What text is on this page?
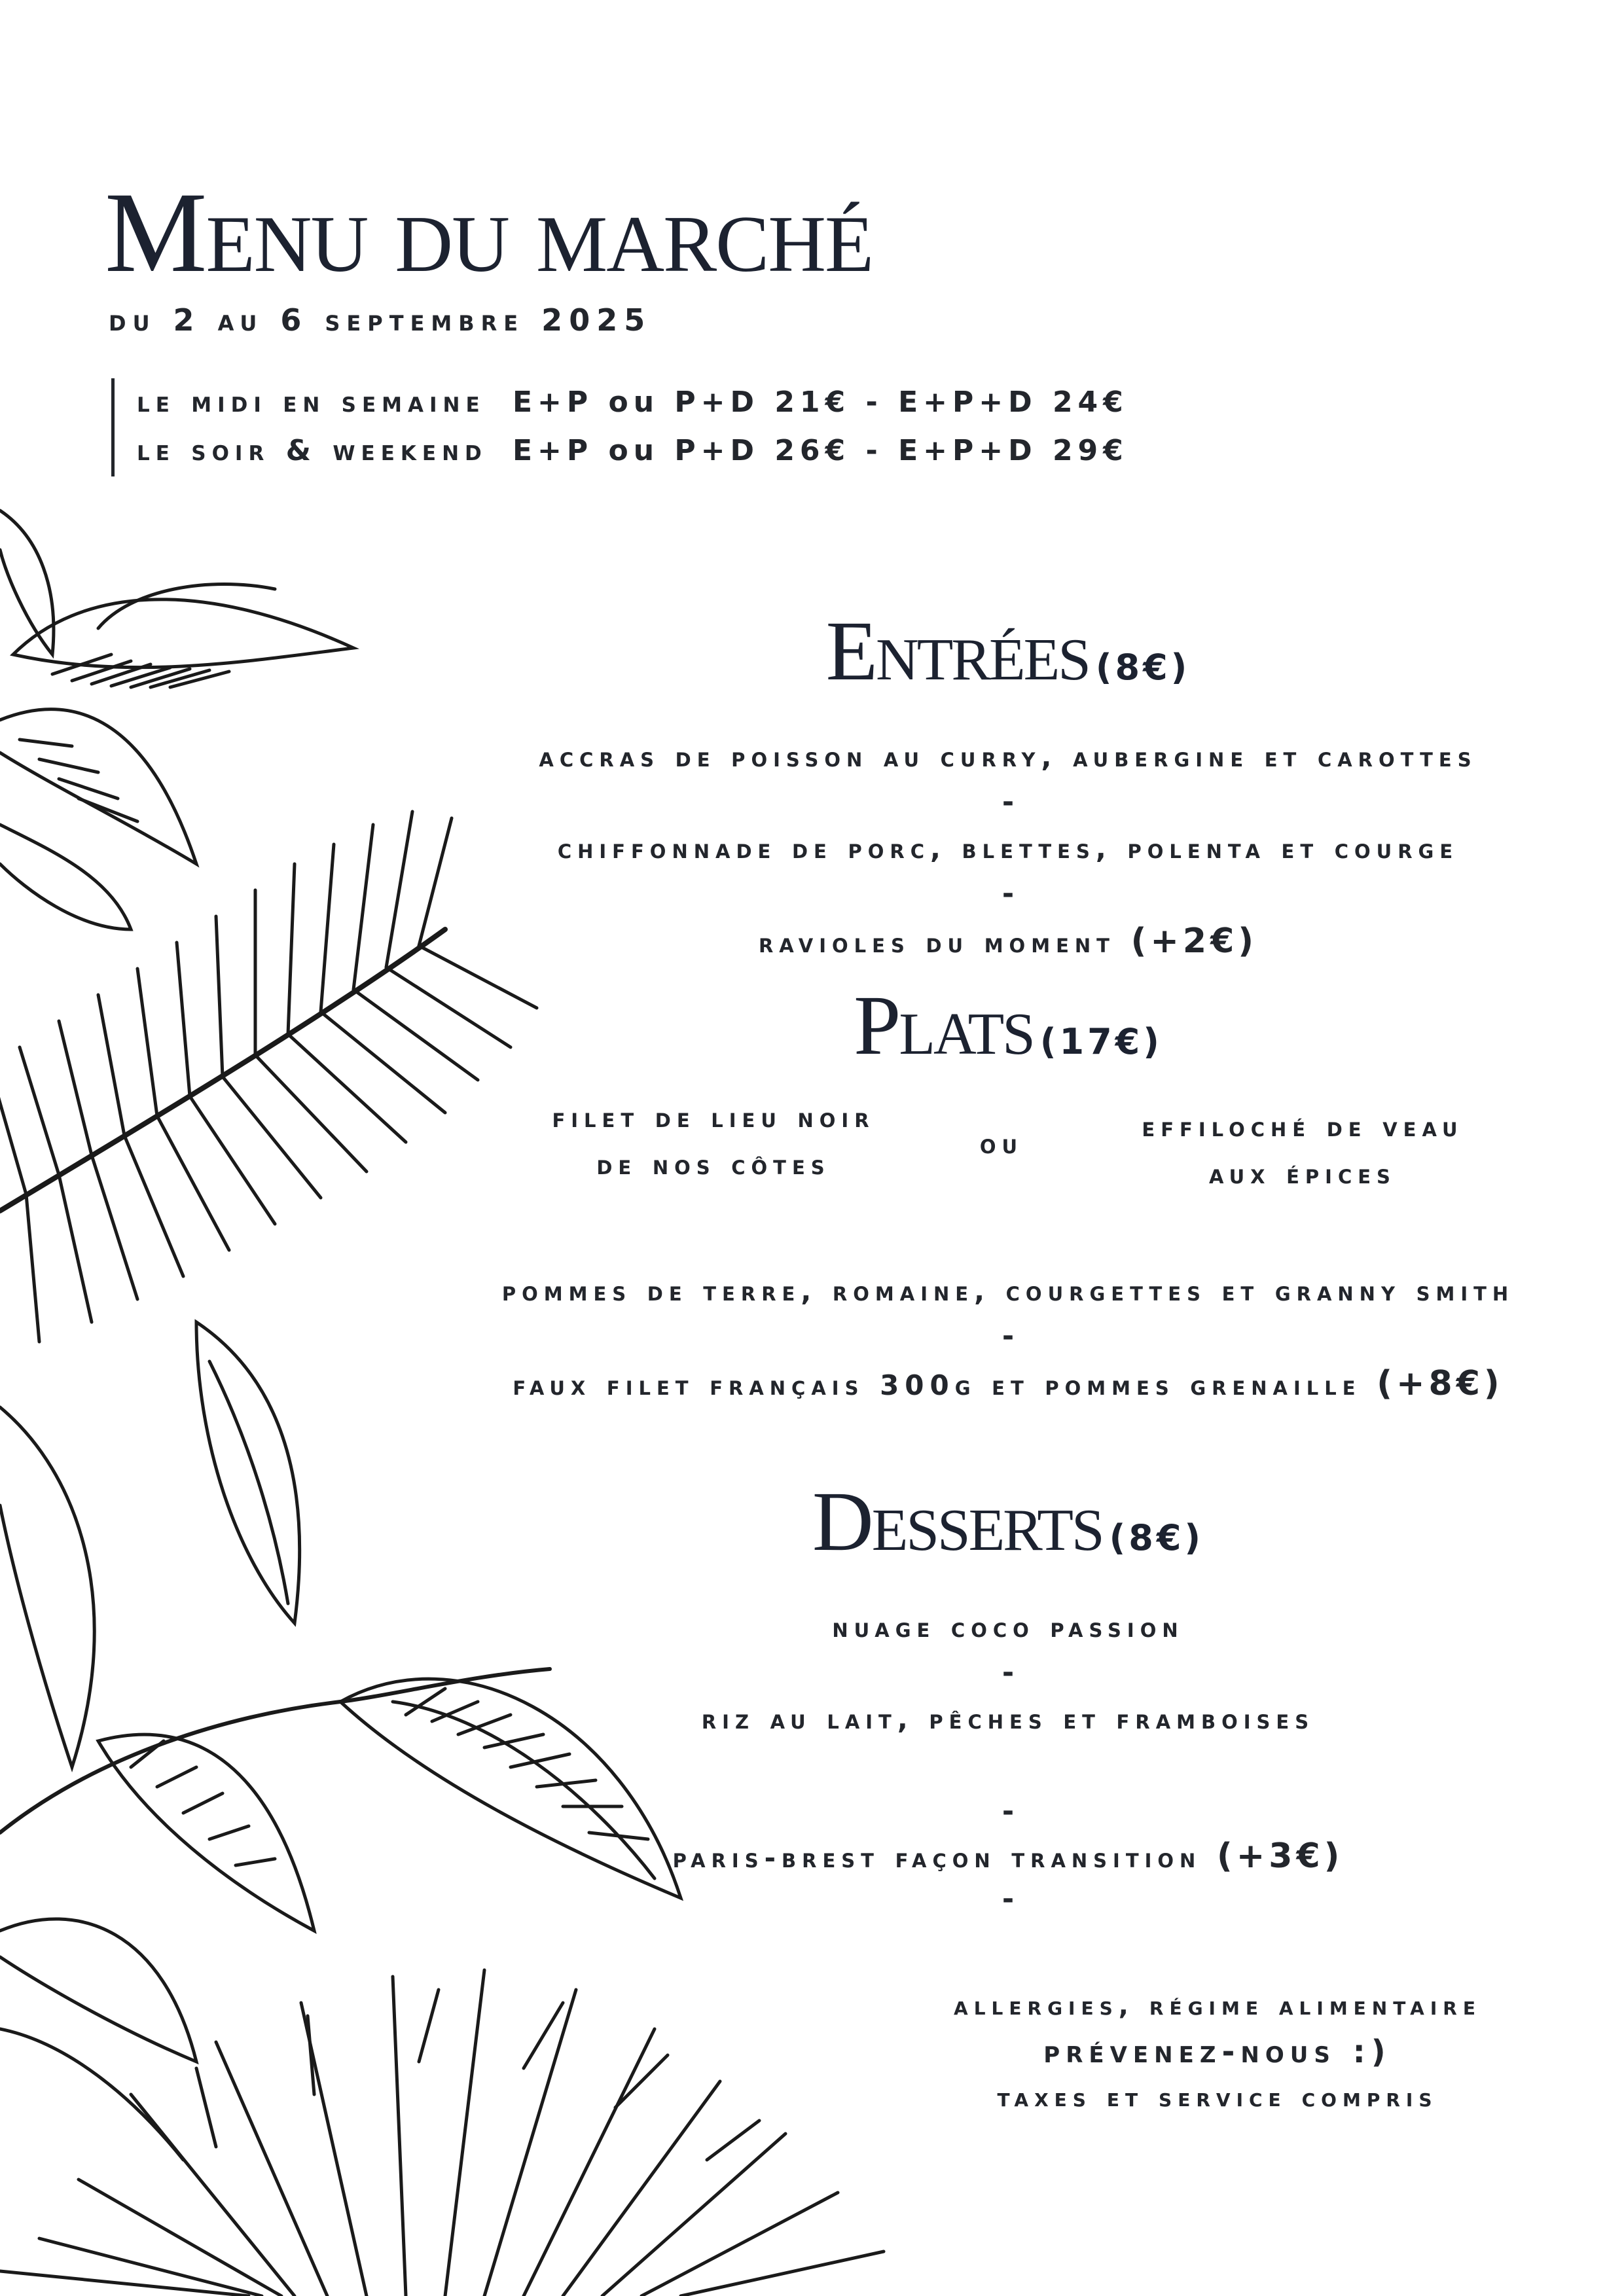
Menu du marché
du 2 au 6 septembre 2025
le midi en semaine E+P ou P+D 21€ - E+P+D 24€
le soir & weekend E+P ou P+D 26€ - E+P+D 29€
Entrées (8€)
accras de poisson au curry, aubergine et carottes
-
chiffonnade de porc, blettes, polenta et courge
-
ravioles du moment (+2€)
Plats (17€)
filet de lieu noir
de nos côtes
ou
effiloché de veau
aux épices
pommes de terre, romaine, courgettes et granny smith
-
faux filet français 300g et pommes grenaille (+8€)
Desserts (8€)
nuage coco passion
-
riz au lait, pêches et framboises
-
paris-brest façon transition (+3€)
-
allergies, régime alimentaire
prévenez-nous :)
taxes et service compris
